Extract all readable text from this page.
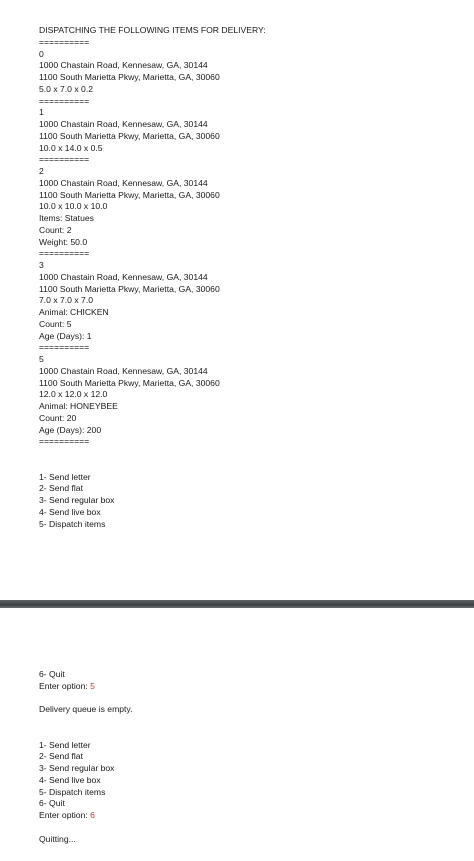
DISPATCHING THE FOLLOWING ITEMS FOR DELIVERY:
==========
0
1000 Chastain Road, Kennesaw, GA, 30144
1100 South Marietta Pkwy, Marietta, GA, 30060
5.0 x 7.0 x 0.2
==========
1
1000 Chastain Road, Kennesaw, GA, 30144
1100 South Marietta Pkwy, Marietta, GA, 30060
10.0 x 14.0 x 0.5
==========
2
1000 Chastain Road, Kennesaw, GA, 30144
1100 South Marietta Pkwy, Marietta, GA, 30060
10.0 x 10.0 x 10.0
Items: Statues
Count: 2
Weight: 50.0
==========
3
1000 Chastain Road, Kennesaw, GA, 30144
1100 South Marietta Pkwy, Marietta, GA, 30060
7.0 x 7.0 x 7.0
Animal: CHICKEN
Count: 5
Age (Days): 1
==========
5
1000 Chastain Road, Kennesaw, GA, 30144
1100 South Marietta Pkwy, Marietta, GA, 30060
12.0 x 12.0 x 12.0
Animal: HONEYBEE
Count: 20
Age (Days): 200
==========
1- Send letter
2- Send flat
3- Send regular box
4- Send live box
5- Dispatch items
6- Quit
Enter option: 5
Delivery queue is empty.
1- Send letter
2- Send flat
3- Send regular box
4- Send live box
5- Dispatch items
6- Quit
Enter option: 6
Quitting...
